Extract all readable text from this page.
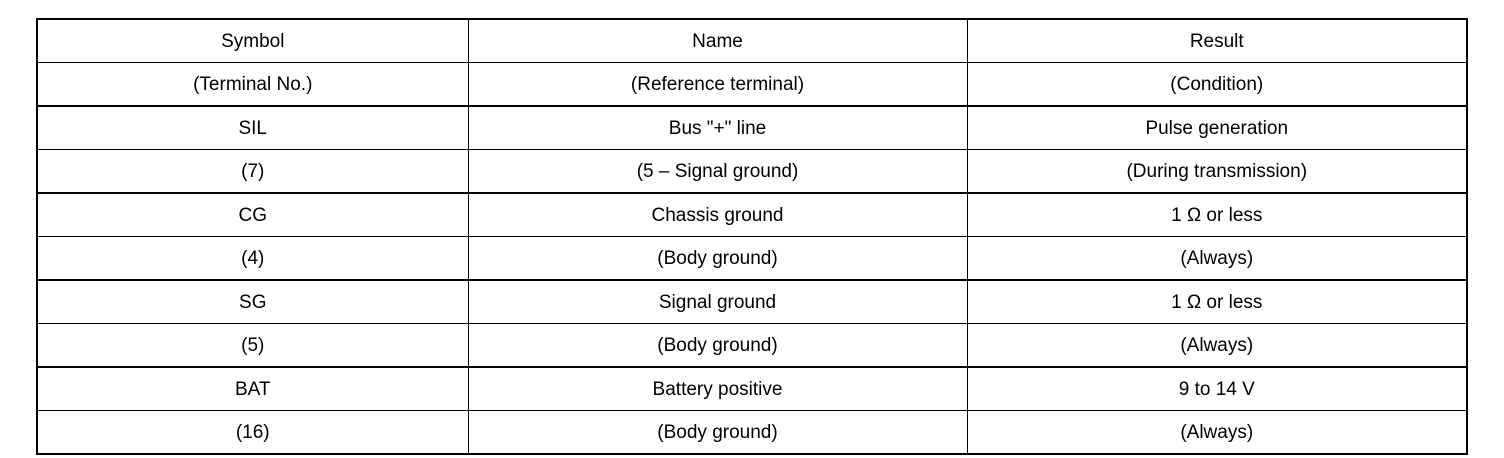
Symbol	Name	Result
(Terminal No.)	(Reference terminal)	(Condition)
SIL	Bus "+" line	Pulse generation
(7)	(5 – Signal ground)	(During transmission)
CG	Chassis ground	1 Ω or less
(4)	(Body ground)	(Always)
SG	Signal ground	1 Ω or less
(5)	(Body ground)	(Always)
BAT	Battery positive	9 to 14 V
(16)	(Body ground)	(Always)
